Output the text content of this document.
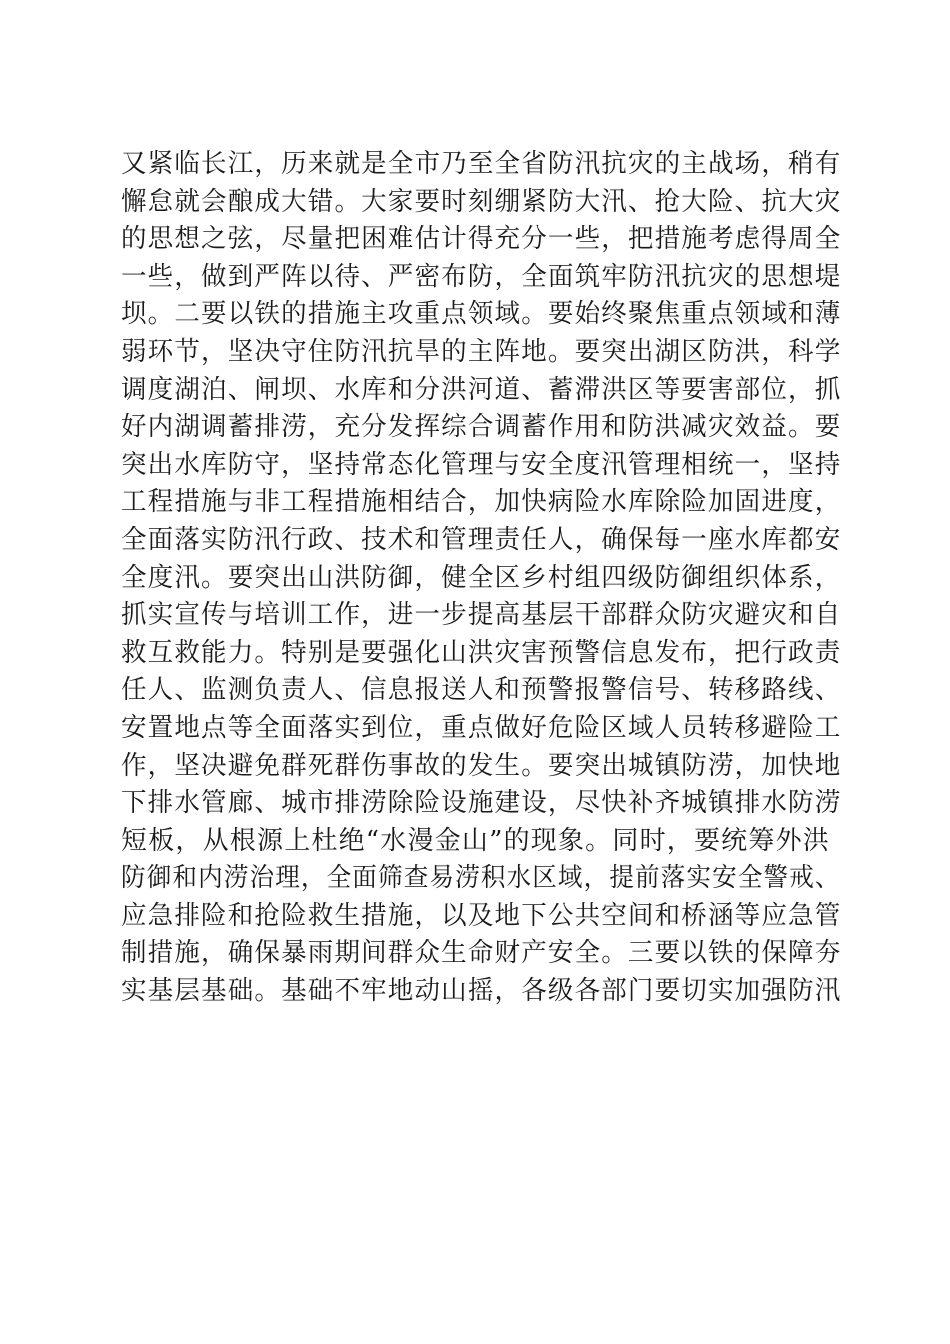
又紧临长江，历来就是全市乃至全省防汛抗灾的主战场，稍有
懈怠就会酿成大错。大家要时刻绷紧防大汛、抢大险、抗大灾
的思想之弦，尽量把困难估计得充分一些，把措施考虑得周全
一些，做到严阵以待、严密布防，全面筑牢防汛抗灾的思想堤
坝。二要以铁的措施主攻重点领域。要始终聚焦重点领域和薄
弱环节，坚决守住防汛抗旱的主阵地。要突出湖区防洪，科学
调度湖泊、闸坝、水库和分洪河道、蓄滞洪区等要害部位，抓
好内湖调蓄排涝，充分发挥综合调蓄作用和防洪减灾效益。要
突出水库防守，坚持常态化管理与安全度汛管理相统一，坚持
工程措施与非工程措施相结合，加快病险水库除险加固进度，
全面落实防汛行政、技术和管理责任人，确保每一座水库都安
全度汛。要突出山洪防御，健全区乡村组四级防御组织体系，
抓实宣传与培训工作，进一步提高基层干部群众防灾避灾和自
救互救能力。特别是要强化山洪灾害预警信息发布，把行政责
任人、监测负责人、信息报送人和预警报警信号、转移路线、
安置地点等全面落实到位，重点做好危险区域人员转移避险工
作，坚决避免群死群伤事故的发生。要突出城镇防涝，加快地
下排水管廊、城市排涝除险设施建设，尽快补齐城镇排水防涝
短板，从根源上杜绝“水漫金山”的现象。同时，要统筹外洪
防御和内涝治理，全面筛查易涝积水区域，提前落实安全警戒、
应急排险和抢险救生措施，以及地下公共空间和桥涵等应急管
制措施，确保暴雨期间群众生命财产安全。三要以铁的保障夯
实基层基础。基础不牢地动山摇，各级各部门要切实加强防汛
